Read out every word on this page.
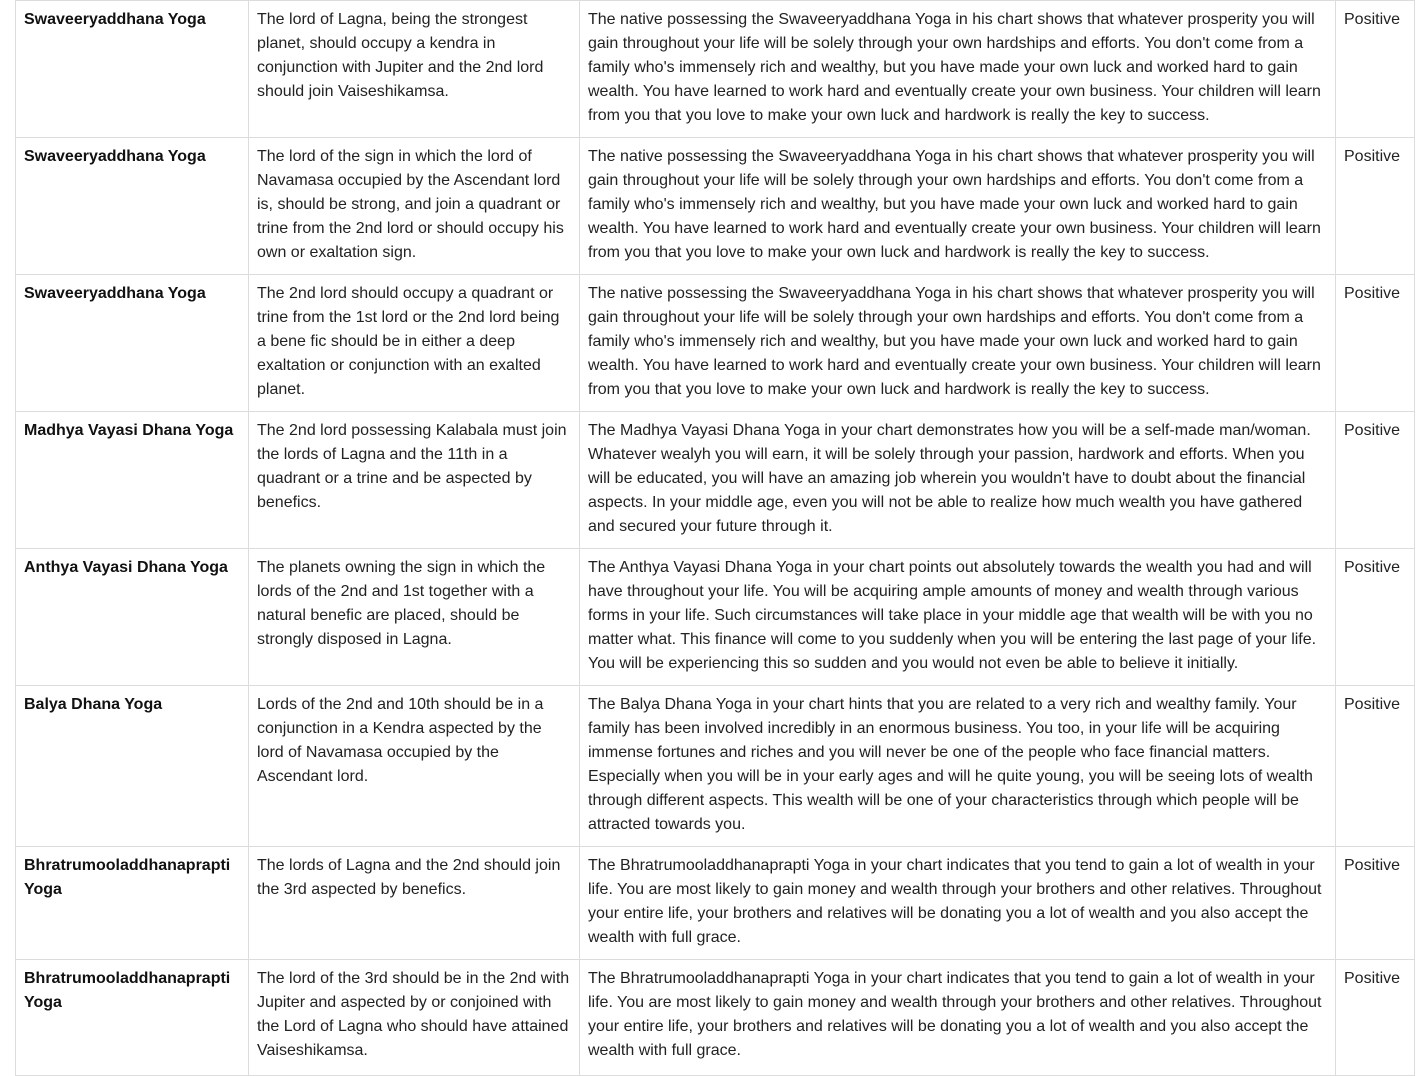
Swaveeryaddhana Yoga	The lord of Lagna, being the strongest planet, should occupy a kendra in conjunction with Jupiter and the 2nd lord should join Vaiseshikamsa.	The native possessing the Swaveeryaddhana Yoga in his chart shows that whatever prosperity you will gain throughout your life will be solely through your own hardships and efforts. You don't come from a family who's immensely rich and wealthy, but you have made your own luck and worked hard to gain wealth. You have learned to work hard and eventually create your own business. Your children will learn from you that you love to make your own luck and hardwork is really the key to success.	Positive
Swaveeryaddhana Yoga	The lord of the sign in which the lord of Navamasa occupied by the Ascendant lord is, should be strong, and join a quadrant or trine from the 2nd lord or should occupy his own or exaltation sign.	The native possessing the Swaveeryaddhana Yoga in his chart shows that whatever prosperity you will gain throughout your life will be solely through your own hardships and efforts. You don't come from a family who's immensely rich and wealthy, but you have made your own luck and worked hard to gain wealth. You have learned to work hard and eventually create your own business. Your children will learn from you that you love to make your own luck and hardwork is really the key to success.	Positive
Swaveeryaddhana Yoga	The 2nd lord should occupy a quadrant or trine from the 1st lord or the 2nd lord being a bene fic should be in either a deep exaltation or conjunction with an exalted planet.	The native possessing the Swaveeryaddhana Yoga in his chart shows that whatever prosperity you will gain throughout your life will be solely through your own hardships and efforts. You don't come from a family who's immensely rich and wealthy, but you have made your own luck and worked hard to gain wealth. You have learned to work hard and eventually create your own business. Your children will learn from you that you love to make your own luck and hardwork is really the key to success.	Positive
Madhya Vayasi Dhana Yoga	The 2nd lord possessing Kalabala must join the lords of Lagna and the 11th in a quadrant or a trine and be aspected by benefics.	The Madhya Vayasi Dhana Yoga in your chart demonstrates how you will be a self-made man/woman. Whatever wealyh you will earn, it will be solely through your passion, hardwork and efforts. When you will be educated, you will have an amazing job wherein you wouldn't have to doubt about the financial aspects. In your middle age, even you will not be able to realize how much wealth you have gathered and secured your future through it.	Positive
Anthya Vayasi Dhana Yoga	The planets owning the sign in which the lords of the 2nd and 1st together with a natural benefic are placed, should be strongly disposed in Lagna.	The Anthya Vayasi Dhana Yoga in your chart points out absolutely towards the wealth you had and will have throughout your life. You will be acquiring ample amounts of money and wealth through various forms in your life. Such circumstances will take place in your middle age that wealth will be with you no matter what. This finance will come to you suddenly when you will be entering the last page of your life. You will be experiencing this so sudden and you would not even be able to believe it initially.	Positive
Balya Dhana Yoga	Lords of the 2nd and 10th should be in a conjunction in a Kendra aspected by the lord of Navamasa occupied by the Ascendant lord.	The Balya Dhana Yoga in your chart hints that you are related to a very rich and wealthy family. Your family has been involved incredibly in an enormous business. You too, in your life will be acquiring immense fortunes and riches and you will never be one of the people who face financial matters. Especially when you will be in your early ages and will he quite young, you will be seeing lots of wealth through different aspects. This wealth will be one of your characteristics through which people will be attracted towards you.	Positive
Bhratrumooladdhanaprapti Yoga	The lords of Lagna and the 2nd should join the 3rd aspected by benefics.	The Bhratrumooladdhanaprapti Yoga in your chart indicates that you tend to gain a lot of wealth in your life. You are most likely to gain money and wealth through your brothers and other relatives. Throughout your entire life, your brothers and relatives will be donating you a lot of wealth and you also accept the wealth with full grace.	Positive
Bhratrumooladdhanaprapti Yoga	The lord of the 3rd should be in the 2nd with Jupiter and aspected by or conjoined with the Lord of Lagna who should have attained Vaiseshikamsa.	The Bhratrumooladdhanaprapti Yoga in your chart indicates that you tend to gain a lot of wealth in your life. You are most likely to gain money and wealth through your brothers and other relatives. Throughout your entire life, your brothers and relatives will be donating you a lot of wealth and you also accept the wealth with full grace.	Positive
